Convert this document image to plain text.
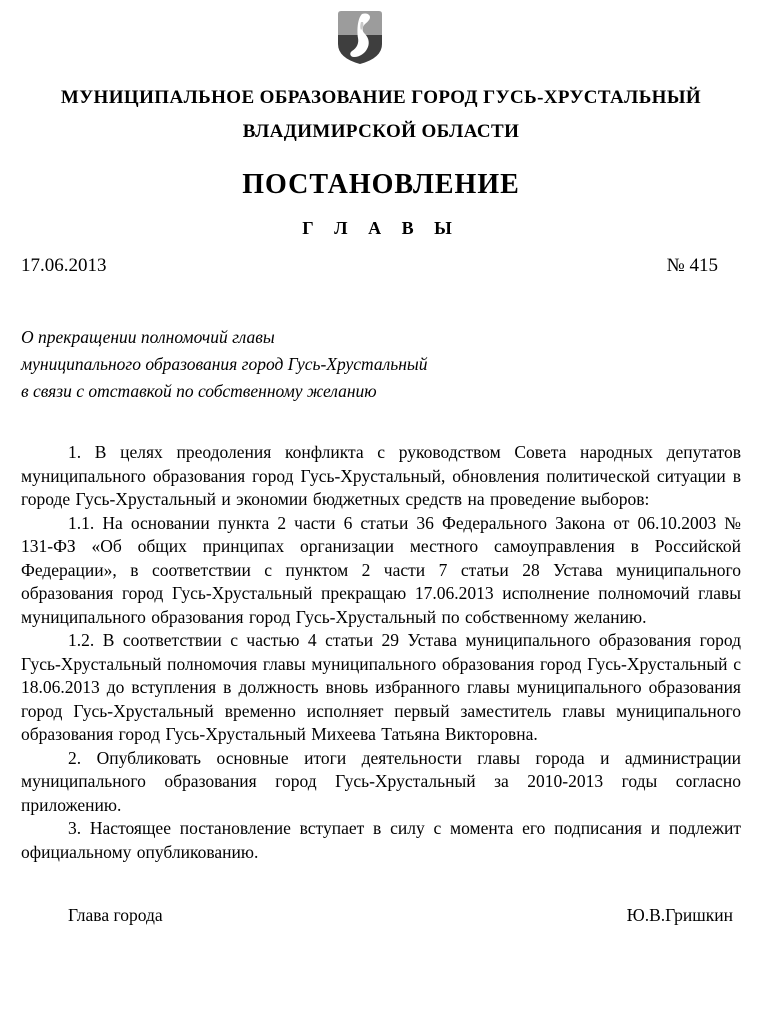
МУНИЦИПАЛЬНОЕ ОБРАЗОВАНИЕ ГОРОД ГУСЬ-ХРУСТАЛЬНЫЙ
ВЛАДИМИРСКОЙ ОБЛАСТИ
ПОСТАНОВЛЕНИЕ
Г Л А В Ы
17.06.2013	№ 415
О прекращении полномочий главы
муниципального образования город Гусь-Хрустальный
в связи с отставкой по собственному желанию

1. В целях преодоления конфликта с руководством Совета народных депутатов муниципального образования город Гусь-Хрустальный, обновления политической ситуации в городе Гусь-Хрустальный и экономии бюджетных средств на проведение выборов:

1.1. На основании пункта 2 части 6 статьи 36 Федерального Закона от 06.10.2003 № 131-ФЗ «Об общих принципах организации местного самоуправления в Российской Федерации», в соответствии с пунктом 2 части 7 статьи 28 Устава муниципального образования город Гусь-Хрустальный прекращаю 17.06.2013 исполнение полномочий главы муниципального образования город Гусь-Хрустальный по собственному желанию.

1.2. В соответствии с частью 4 статьи 29 Устава муниципального образования город Гусь-Хрустальный полномочия главы муниципального образования город Гусь-Хрустальный с 18.06.2013 до вступления в должность вновь избранного главы муниципального образования город Гусь-Хрустальный временно исполняет первый заместитель главы муниципального образования город Гусь-Хрустальный Михеева Татьяна Викторовна.

2. Опубликовать основные итоги деятельности главы города и администрации муниципального образования город Гусь-Хрустальный за 2010-2013 годы согласно приложению.

3. Настоящее постановление вступает в силу с момента его подписания и подлежит официальному опубликованию.

Глава города	Ю.В.Гришкин
